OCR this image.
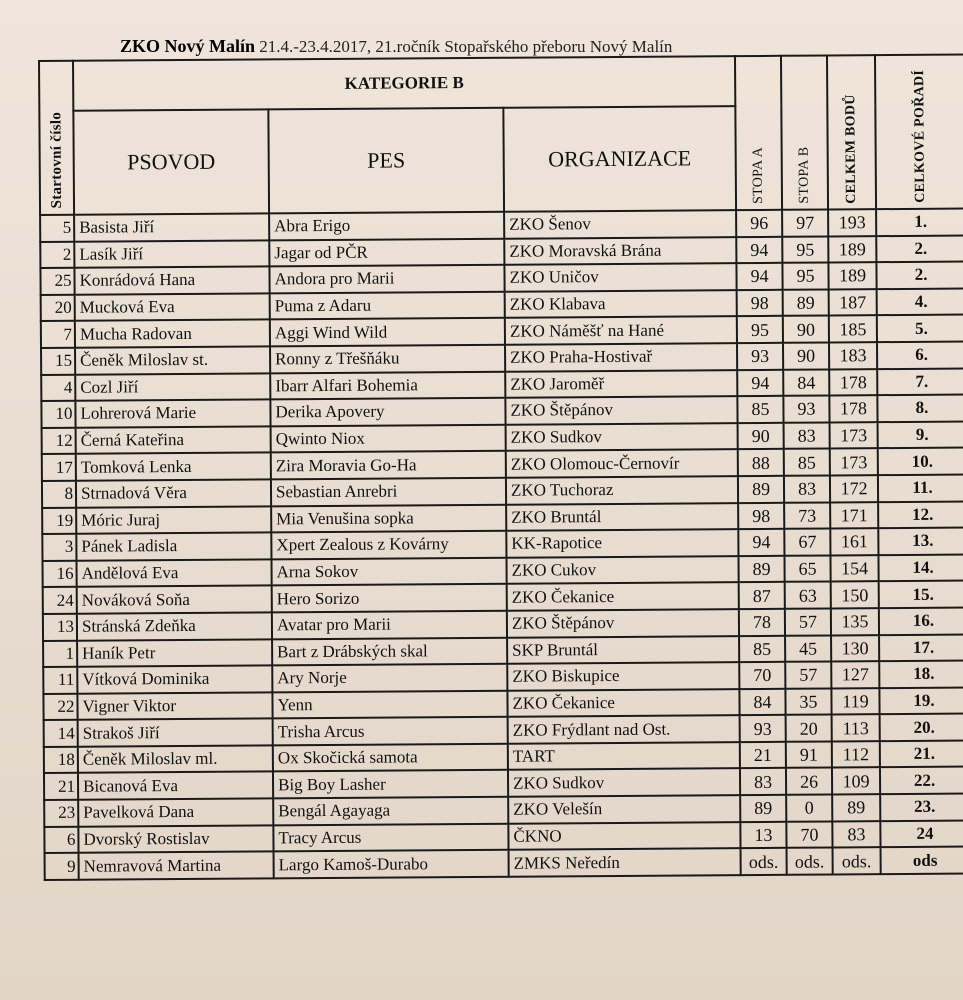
ZKO Nový Malín 21.4.-23.4.2017, 21.ročník Stopařského přeboru Nový Malín
Startovní číslo	KATEGORIE B			STOPA A	STOPA B	CELKEM BODŮ	CELKOVÉ POŘADÍ
	PSOVOD	PES	ORGANIZACE				
5	Basista Jiří	Abra Erigo	ZKO Šenov	96	97	193	1.
2	Lasík Jiří	Jagar od PČR	ZKO Moravská Brána	94	95	189	2.
25	Konrádová Hana	Andora pro Marii	ZKO Uničov	94	95	189	2.
20	Mucková Eva	Puma z Adaru	ZKO Klabava	98	89	187	4.
7	Mucha Radovan	Aggi Wind Wild	ZKO Náměšť na Hané	95	90	185	5.
15	Čeněk Miloslav st.	Ronny z Třešňáku	ZKO Praha-Hostivař	93	90	183	6.
4	Cozl Jiří	Ibarr Alfari Bohemia	ZKO Jaroměř	94	84	178	7.
10	Lohrerová Marie	Derika Apovery	ZKO Štěpánov	85	93	178	8.
12	Černá Kateřina	Qwinto Niox	ZKO Sudkov	90	83	173	9.
17	Tomková Lenka	Zira Moravia Go-Ha	ZKO Olomouc-Černovír	88	85	173	10.
8	Strnadová Věra	Sebastian Anrebri	ZKO Tuchoraz	89	83	172	11.
19	Móric Juraj	Mia Venušina sopka	ZKO Bruntál	98	73	171	12.
3	Pánek Ladisla	Xpert Zealous z Kovárny	KK-Rapotice	94	67	161	13.
16	Andělová Eva	Arna Sokov	ZKO Cukov	89	65	154	14.
24	Nováková Soňa	Hero Sorizo	ZKO Čekanice	87	63	150	15.
13	Stránská Zdeňka	Avatar pro Marii	ZKO Štěpánov	78	57	135	16.
1	Haník Petr	Bart z Drábských skal	SKP Bruntál	85	45	130	17.
11	Vítková Dominika	Ary Norje	ZKO Biskupice	70	57	127	18.
22	Vigner Viktor	Yenn	ZKO Čekanice	84	35	119	19.
14	Strakoš Jiří	Trisha Arcus	ZKO Frýdlant nad Ost.	93	20	113	20.
18	Čeněk Miloslav ml.	Ox Skočická samota	TART	21	91	112	21.
21	Bicanová Eva	Big Boy Lasher	ZKO Sudkov	83	26	109	22.
23	Pavelková Dana	Bengál Agayaga	ZKO Velešín	89	0	89	23.
6	Dvorský Rostislav	Tracy Arcus	ČKNO	13	70	83	24
9	Nemravová Martina	Largo Kamoš-Durabo	ZMKS Neředín	ods.	ods.	ods.	ods
